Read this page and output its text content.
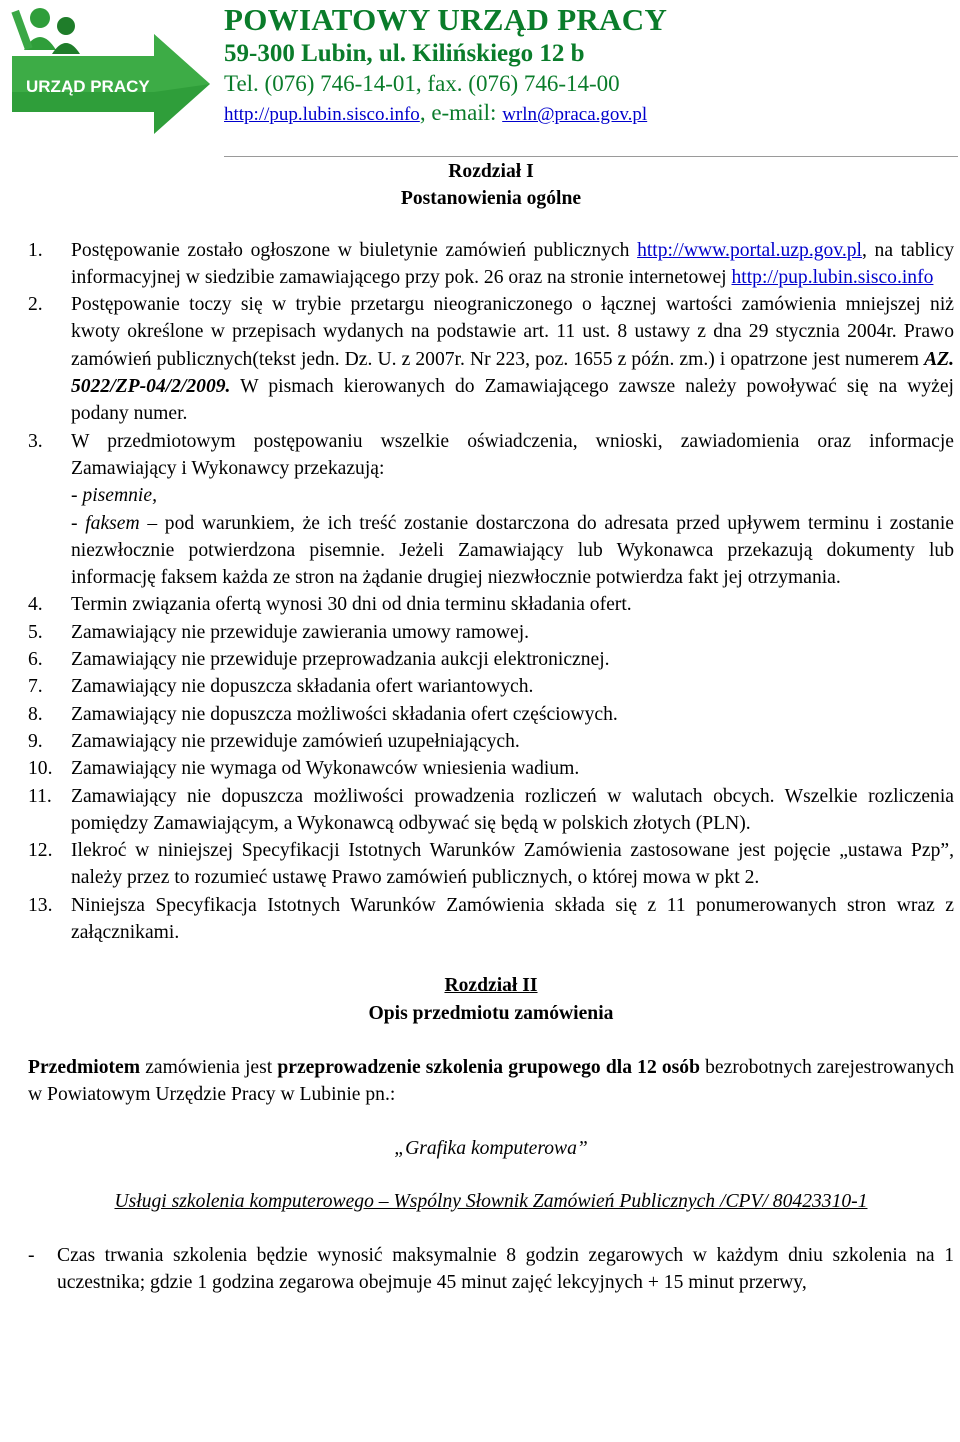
URZĄD PRACY
POWIATOWY URZĄD PRACY
59-300 Lubin, ul. Kilińskiego 12 b
Tel. (076) 746-14-01, fax. (076) 746-14-00
http://pup.lubin.sisco.info, e-mail: wrln@praca.gov.pl
Rozdział I
Postanowienia ogólne
1. Postępowanie zostało ogłoszone w biuletynie zamówień publicznych http://www.portal.uzp.gov.pl, na tablicy informacyjnej w siedzibie zamawiającego przy pok. 26 oraz na stronie internetowej http://pup.lubin.sisco.info
2. Postępowanie toczy się w trybie przetargu nieograniczonego o łącznej wartości zamówienia mniejszej niż kwoty określone w przepisach wydanych na podstawie art. 11 ust. 8 ustawy z dna 29 stycznia 2004r. Prawo zamówień publicznych(tekst jedn. Dz. U. z 2007r. Nr 223, poz. 1655 z późn. zm.) i opatrzone jest numerem AZ. 5022/ZP-04/2/2009. W pismach kierowanych do Zamawiającego zawsze należy powoływać się na wyżej podany numer.
3. W przedmiotowym postępowaniu wszelkie oświadczenia, wnioski, zawiadomienia oraz informacje Zamawiający i Wykonawcy przekazują:
- pisemnie,
- faksem – pod warunkiem, że ich treść zostanie dostarczona do adresata przed upływem terminu i zostanie niezwłocznie potwierdzona pisemnie. Jeżeli Zamawiający lub Wykonawca przekazują dokumenty lub informację faksem każda ze stron na żądanie drugiej niezwłocznie potwierdza fakt jej otrzymania.
4. Termin związania ofertą wynosi 30 dni od dnia terminu składania ofert.
5. Zamawiający nie przewiduje zawierania umowy ramowej.
6. Zamawiający nie przewiduje przeprowadzania aukcji elektronicznej.
7. Zamawiający nie dopuszcza składania ofert wariantowych.
8. Zamawiający nie dopuszcza możliwości składania ofert częściowych.
9. Zamawiający nie przewiduje zamówień uzupełniających.
10. Zamawiający nie wymaga od Wykonawców wniesienia wadium.
11. Zamawiający nie dopuszcza możliwości prowadzenia rozliczeń w walutach obcych. Wszelkie rozliczenia pomiędzy Zamawiającym, a Wykonawcą odbywać się będą w polskich złotych (PLN).
12. Ilekroć w niniejszej Specyfikacji Istotnych Warunków Zamówienia zastosowane jest pojęcie „ustawa Pzp”, należy przez to rozumieć ustawę Prawo zamówień publicznych, o której mowa w pkt 2.
13. Niniejsza Specyfikacja Istotnych Warunków Zamówienia składa się z 11 ponumerowanych stron wraz z załącznikami.
Rozdział II
Opis przedmiotu zamówienia
Przedmiotem zamówienia jest przeprowadzenie szkolenia grupowego dla 12 osób bezrobotnych zarejestrowanych w Powiatowym Urzędzie Pracy w Lubinie pn.:
„Grafika komputerowa”
Usługi szkolenia komputerowego – Wspólny Słownik Zamówień Publicznych /CPV/ 80423310-1
- Czas trwania szkolenia będzie wynosić maksymalnie 8 godzin zegarowych w każdym dniu szkolenia na 1 uczestnika; gdzie 1 godzina zegarowa obejmuje 45 minut zajęć lekcyjnych + 15 minut przerwy,
